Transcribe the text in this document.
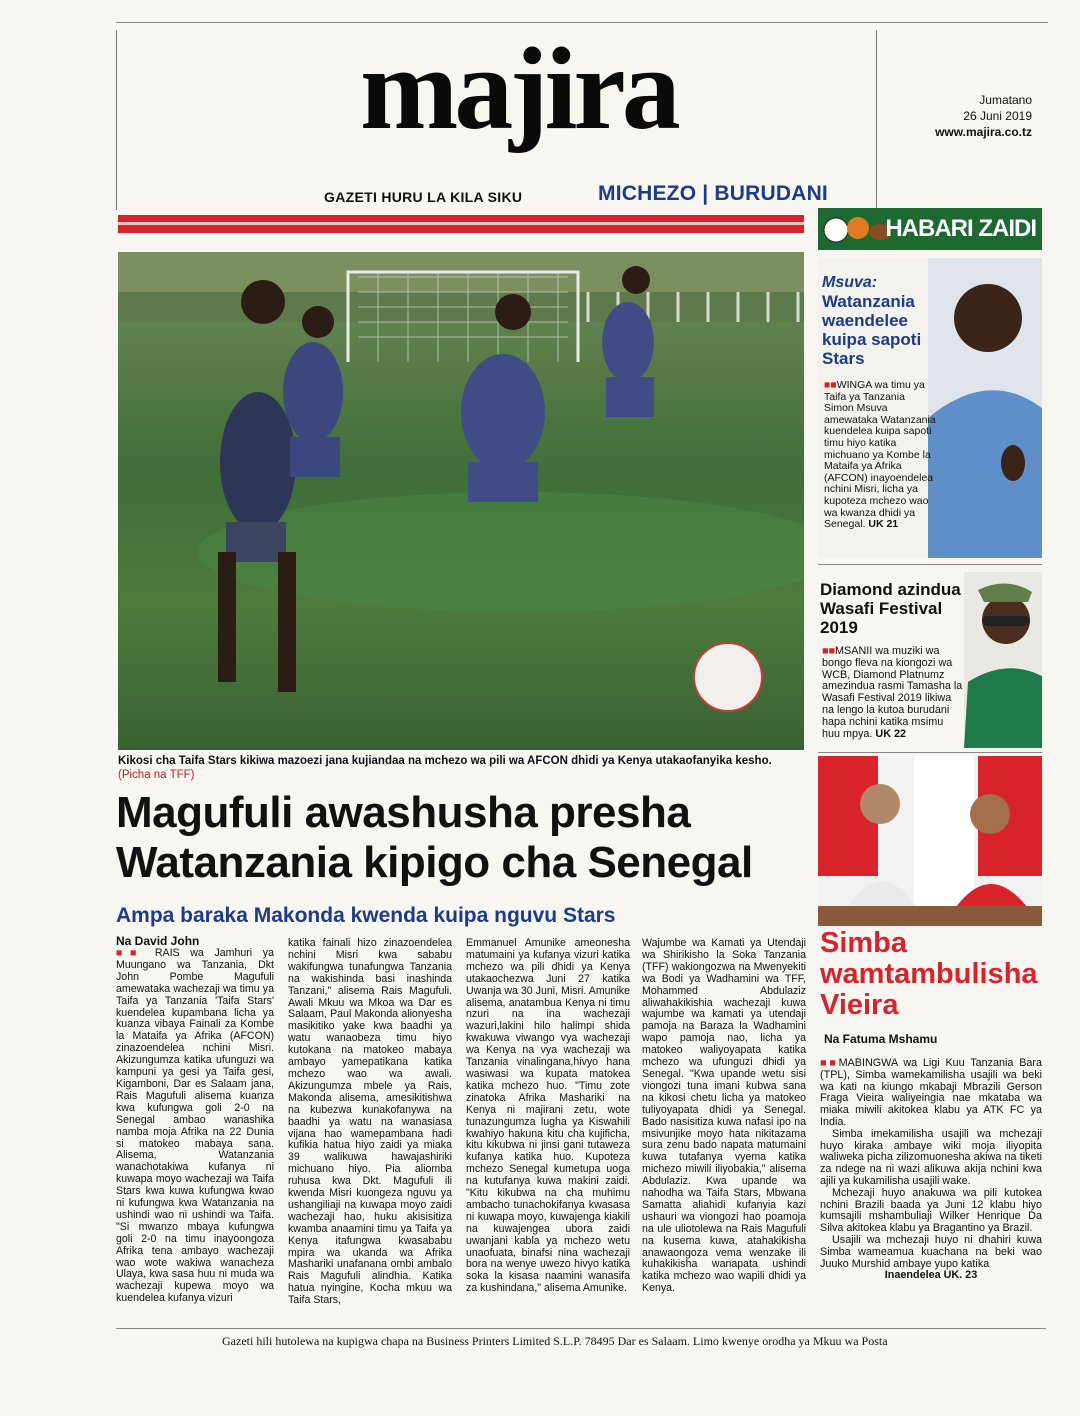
majira
GAZETI HURU LA KILA SIKU	MICHEZO | BURUDANI
Jumatano
26 Juni 2019
www.majira.co.tz
Kikosi cha Taifa Stars kikiwa mazoezi jana kujiandaa na mchezo wa pili wa AFCON dhidi ya Kenya utakaofanyika kesho. (Picha na TFF)
Magufuli awashusha presha
Watanzania kipigo cha Senegal
Ampa baraka Makonda kwenda kuipa nguvu Stars
Na David John

■■ RAIS wa Jamhuri ya Muungano wa Tanzania, Dkt John Pombe Magufuli amewataka wachezaji wa timu ya Taifa ya Tanzania 'Taifa Stars' kuendelea kupambana licha ya kuanza vibaya Fainali za Kombe la Mataifa ya Afrika (AFCON) zinazoendelea nchini Misri. Akizungumza katika ufunguzi wa kampuni ya gesi ya Taifa gesi, Kigamboni, Dar es Salaam jana, Rais Magufuli alisema kuanza kwa kufungwa goli 2-0 na Senegal ambao wanashika namba moja Afrika na 22 Dunia si matokeo mabaya sana. Alisema, Watanzania wanachotakiwa kufanya ni kuwapa moyo wachezaji wa Taifa Stars kwa kuwa kufungwa kwao ni kufungwa kwa Watanzania na ushindi wao ni ushindi wa Taifa. "Si mwanzo mbaya kufungwa goli 2-0 na timu inayoongoza Afrika tena ambayo wachezaji wao wote wakiwa wanacheza Ulaya, kwa sasa huu ni muda wa wachezaji kupewa moyo wa kuendelea kufanya vizuri

katika fainali hizo zinazoendelea nchini Misri kwa sababu wakifungwa tunafungwa Tanzania na wakishinda basi inashinda Tanzani," alisema Rais Magufuli. Awali Mkuu wa Mkoa wa Dar es Salaam, Paul Makonda alionyesha masikitiko yake kwa baadhi ya watu wanaobeza timu hiyo kutokana na matokeo mabaya ambayo yamepatikana katika mchezo wao wa awali. Akizungumza mbele ya Rais, Makonda alisema, amesikitishwa na kubezwa kunakofanywa na baadhi ya watu na wanasiasa vijana hao wamepambana hadi kufikia hatua hiyo zaidi ya miaka 39 walikuwa hawajashiriki michuano hiyo. Pia aliomba ruhusa kwa Dkt. Magufuli ili kwenda Misri kuongeza nguvu ya ushangiliaji na kuwapa moyo zaidi wachezaji hao, huku akisisitiza kwamba anaamini timu ya Taifa ya Kenya itafungwa kwasababu mpira wa ukanda wa Afrika Mashariki unafanana ombi ambalo Rais Magufuli alindhia. Katika hatua nyingine, Kocha mkuu wa Taifa Stars,

Emmanuel Amunike ameonesha matumaini ya kufanya vizuri katika mchezo wa pili dhidi ya Kenya utakaochezwa Juni 27 katika Uwanja wa 30 Juni, Misri. Amunike alisema, anatambua Kenya ni timu nzuri na ina wachezaji wazuri,lakini hilo halimpi shida kwakuwa viwango vya wachezaji wa Kenya na vya wachezaji wa Tanzania vinalingana,hivyo hana wasiwasi wa kupata matokea katika mchezo huo. "Timu zote zinatoka Afrika Mashariki na Kenya ni majirani zetu, wote tunazungumza lugha ya Kiswahili kwahiyo hakuna kitu cha kujificha, kitu kikubwa ni jinsi gani tutaweza kufanya katika huo. Kupoteza mchezo Senegal kumetupa uoga na kutufanya kuwa makini zaidi. "Kitu kikubwa na cha muhimu ambacho tunachokifanya kwasasa ni kuwapa moyo, kuwajenga kiakili na kuwajengea ubora zaidi uwanjani kabla ya mchezo wetu unaofuata, binafsi nina wachezaji bora na wenye uwezo hivyo katika soka la kisasa naamini wanasifa za kushindana," alisema Amunike.

Wajumbe wa Kamati ya Utendaji wa Shirikisho la Soka Tanzania (TFF) wakiongozwa na Mwenyekiti wa Bodi ya Wadhamini wa TFF, Mohammed Abdulaziz aliwahakikishia wachezaji kuwa wajumbe wa kamati ya utendaji pamoja na Baraza la Wadhamini wapo pamoja nao, licha ya matokeo waliyoyapata katika mchezo wa ufunguzi dhidi ya Senegal. "Kwa upande wetu sisi viongozi tuna imani kubwa sana na kikosi chetu licha ya matokeo tuliyoyapata dhidi ya Senegal. Bado nasisitiza kuwa nafasi ipo na msivunjike moyo hata nikitazama sura zenu bado napata matumaini kuwa tutafanya vyema katika michezo miwili iliyobakia," alisema Abdulaziz. Kwa upande wa nahodha wa Taifa Stars, Mbwana Samatta aliahidi kufanyia kazi ushauri wa viongozi hao poamoja na ule uliotolewa na Rais Magufuli na kusema kuwa, atahakikisha anawaongoza vema wenzake ili kuhakikisha wanapata ushindi katika mchezo wao wapili dhidi ya Kenya.

Gazeti hili hutolewa na kupigwa chapa na Business Printers Limited S.L.P. 78495 Dar es Salaam. Limo kwenye orodha ya Mkuu wa Posta
HABARI ZAIDI
Msuva:
Watanzania waendelee kuipa sapoti Stars
■■WINGA wa timu ya Taifa ya Tanzania Simon Msuva amewataka Watanzania kuendelea kuipa sapoti timu hiyo katika michuano ya Kombe la Mataifa ya Afrika (AFCON) inayoendelea nchini Misri, licha ya kupoteza mchezo wao wa kwanza dhidi ya Senegal. UK 21
Diamond azindua Wasafi Festival 2019
■■MSANII wa muziki wa bongo fleva na kiongozi wa WCB, Diamond Platnumz amezindua rasmi Tamasha la Wasafi Festival 2019 likiwa na lengo la kutoa burudani hapa nchini katika msimu huu mpya. UK 22
Simba wamtambulisha Vieira
Na Fatuma Mshamu

■■MABINGWA wa Ligi Kuu Tanzania Bara (TPL), Simba wamekamilisha usajili wa beki wa kati na kiungo mkabaji Mbrazili Gerson Fraga Vieira waliyeingia nae mkataba wa miaka miwili akitokea klabu ya ATK FC ya India.

Simba imekamilisha usajili wa mchezaji huyo kiraka ambaye wiki moja iliyopita waliweka picha zilizomuonesha akiwa na tiketi za ndege na ni wazi alikuwa akija nchini kwa ajili ya kukamilisha usajili wake.

Mchezaji huyo anakuwa wa pili kutokea nchini Brazili baada ya Juni 12 klabu hiyo kumsajili mshambuliaji Wilker Henrique Da Silva akitokea klabu ya Bragantino ya Brazil.

Usajili wa mchezaji huyo ni dhahiri kuwa Simba wameamua kuachana na beki wao Juuko Murshid ambaye yupo katika

Inaendelea UK. 23
